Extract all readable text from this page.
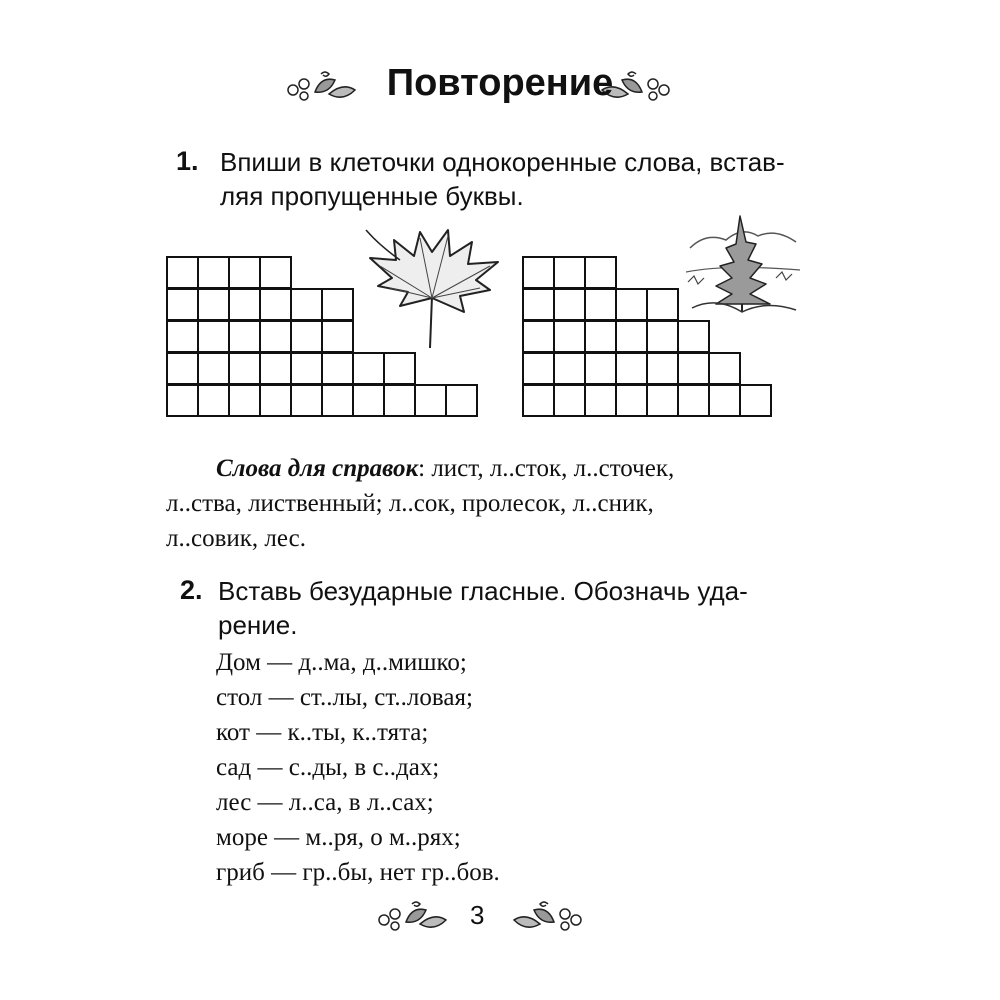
Повторение
1. Впиши в клеточки однокоренные слова, встав-
ляя пропущенные буквы.
Слова для справок: лист, л..сток, л..сточек,
л..ства, лиственный; л..сок, пролесок, л..сник,
л..совик, лес.
2. Вставь безударные гласные. Обозначь уда-
рение.
Дом — д..ма, д..мишко;
стол — ст..лы, ст..ловая;
кот — к..ты, к..тята;
сад — с..ды, в с..дах;
лес — л..са, в л..сах;
море — м..ря, о м..рях;
гриб — гр..бы, нет гр..бов.
3
